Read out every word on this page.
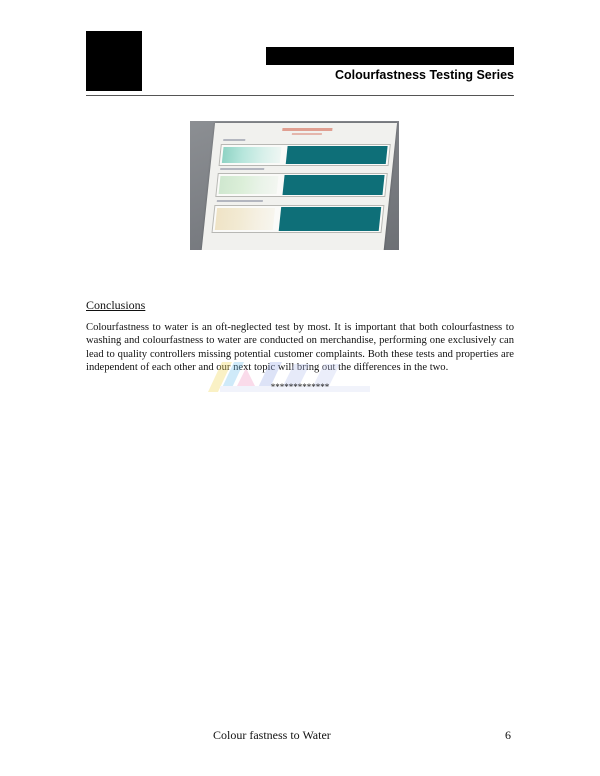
Colourfastness Testing Series
Conclusions

Colourfastness to water is an oft-neglected test by most. It is important that both colourfastness to washing and colourfastness to water are conducted on merchandise, performing one exclusively can lead to quality controllers missing potential customer complaints. Both these tests and properties are independent of each other and our next topic will bring out the differences in the two.

*************
Colour fastness to Water	6
